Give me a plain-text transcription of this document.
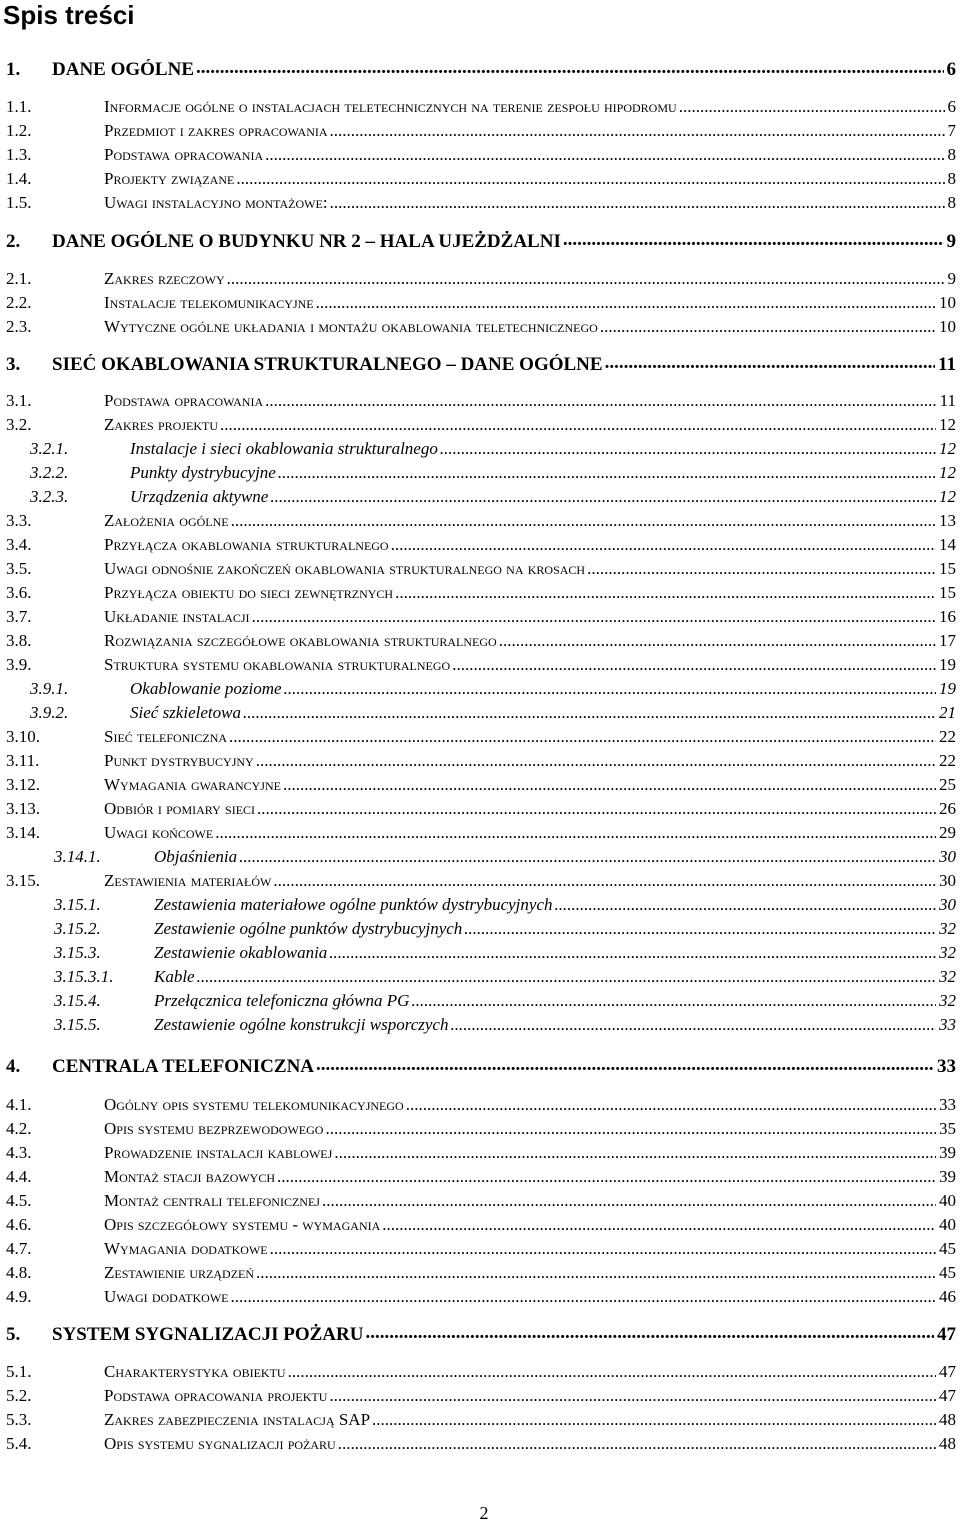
Spis treści
1.	DANE OGÓLNE .....	6
1.1.	Informacje ogólne o instalacjach teletechnicznych na terenie zespołu hipodromu .....	6
1.2.	Przedmiot i zakres opracowania .....	7
1.3.	Podstawa opracowania .....	8
1.4.	Projekty związane .....	8
1.5.	Uwagi instalacyjno montażowe: .....	8
2.	DANE OGÓLNE O BUDYNKU NR 2 – HALA UJEŻDŻALNI .....	9
2.1.	Zakres rzeczowy .....	9
2.2.	Instalacje telekomunikacyjne .....	10
2.3.	Wytyczne ogólne układania i montażu okablowania teletechnicznego .....	10
3.	SIEĆ OKABLOWANIA STRUKTURALNEGO – DANE OGÓLNE .....	11
3.1.	Podstawa opracowania .....	11
3.2.	Zakres projektu .....	12
3.2.1.	Instalacje i sieci okablowania strukturalnego .....	12
3.2.2.	Punkty dystrybucyjne .....	12
3.2.3.	Urządzenia aktywne .....	12
3.3.	Założenia ogólne .....	13
3.4.	Przyłącza okablowania strukturalnego .....	14
3.5.	Uwagi odnośnie zakończeń okablowania strukturalnego na krosach .....	15
3.6.	Przyłącza obiektu do sieci zewnętrznych .....	15
3.7.	Układanie instalacji .....	16
3.8.	Rozwiązania szczegółowe okablowania strukturalnego .....	17
3.9.	Struktura systemu okablowania strukturalnego .....	19
3.9.1.	Okablowanie poziome .....	19
3.9.2.	Sieć szkieletowa .....	21
3.10.	Sieć telefoniczna .....	22
3.11.	Punkt dystrybucyjny .....	22
3.12.	Wymagania gwarancyjne .....	25
3.13.	Odbiór i pomiary sieci .....	26
3.14.	Uwagi końcowe .....	29
3.14.1.	Objaśnienia .....	30
3.15.	Zestawienia materiałów .....	30
3.15.1.	Zestawienia materiałowe ogólne punktów dystrybucyjnych .....	30
3.15.2.	Zestawienie ogólne punktów dystrybucyjnych .....	32
3.15.3.	Zestawienie okablowania .....	32
3.15.3.1.	Kable .....	32
3.15.4.	Przełącznica telefoniczna główna PG .....	32
3.15.5.	Zestawienie ogólne konstrukcji wsporczych .....	33
4.	CENTRALA TELEFONICZNA .....	33
4.1.	Ogólny opis systemu telekomunikacyjnego .....	33
4.2.	Opis systemu bezprzewodowego .....	35
4.3.	Prowadzenie instalacji kablowej .....	39
4.4.	Montaż stacji bazowych .....	39
4.5.	Montaż centrali telefonicznej .....	40
4.6.	Opis szczegółowy systemu - wymagania .....	40
4.7.	Wymagania dodatkowe .....	45
4.8.	Zestawienie urządzeń .....	45
4.9.	Uwagi dodatkowe .....	46
5.	SYSTEM SYGNALIZACJI POŻARU .....	47
5.1.	Charakterystyka obiektu .....	47
5.2.	Podstawa opracowania projektu .....	47
5.3.	Zakres zabezpieczenia instalacją SAP .....	48
5.4.	Opis systemu sygnalizacji pożaru .....	48
2
